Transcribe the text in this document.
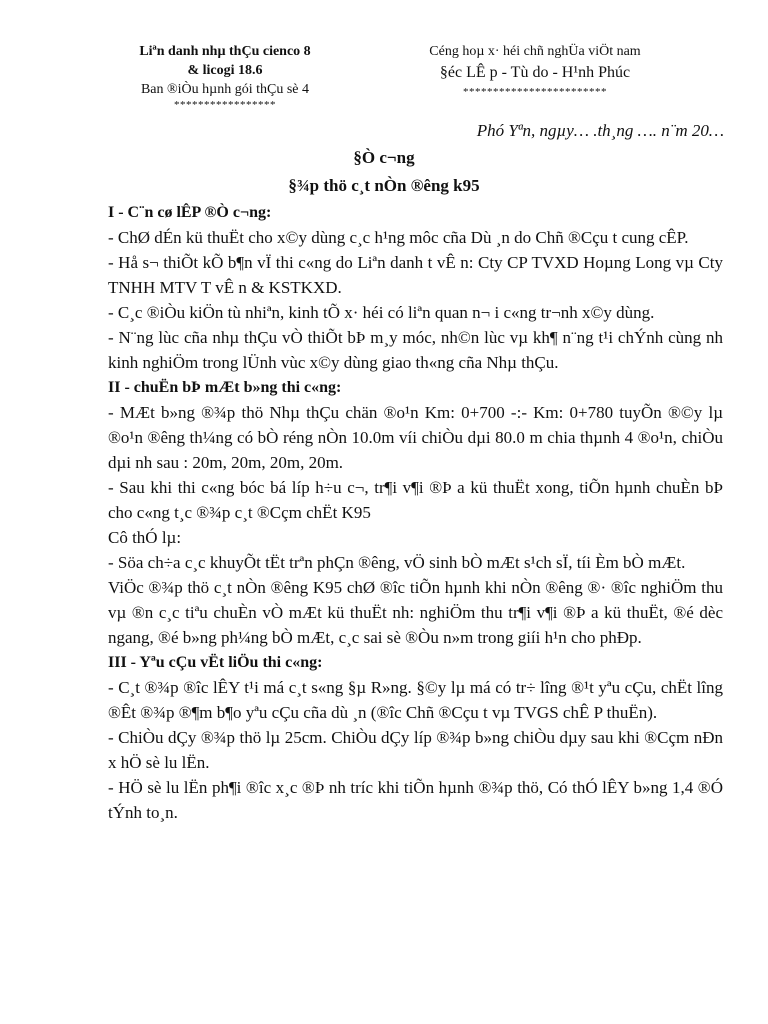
Liªn danh nhµ thÇu cienco 8
& licogi 18.6
Ban ®iÒu hµnh gói thÇu sè 4
*****************
Céng hoµ x· héi chñ nghÜa viÖt nam
§éc LÊ p - Tù do - H¹nh Phúc
************************
Phó Yªn, ngµy… .th¸ng …. n¨m 20…
§Ò c¬ng
§¾p thö c¸t nÒn ®êng k95

I - C¨n cø lÊP ®Ò c¬ng:

- ChØ dÉn kü thuËt cho x©y dùng c¸c h¹ng môc cña Dù ¸n do Chñ ®Cçu t cung cÊP.

- Hå s¬ thiÕt kÕ b¶n vÏ thi c«ng do Liªn danh t vÊ n: Cty CP TVXD Hoµng Long vµ Cty TNHH MTV T vÊ n & KSTKXD.

- C¸c ®iÒu kiÖn tù nhiªn, kinh tÕ x· héi có liªn quan n¬ i c«ng tr¬nh x©y dùng.

- N¨ng lùc cña nhµ thÇu vÒ thiÕt bÞ m¸y móc, nh©n lùc vµ kh¶ n¨ng t¹i chÝnh cùng nh kinh nghiÖm trong lÜnh vùc x©y dùng giao th«ng cña Nhµ thÇu.

II - chuËn bÞ mÆt b»ng thi c«ng:

- MÆt b»ng ®¾p thö Nhµ thÇu chän ®o¹n Km: 0+700 -:- Km: 0+780 tuyÕn ®©y lµ ®o¹n ®êng th¼ng có bÒ réng nÒn 10.0m víi chiÒu dµi 80.0 m chia thµnh 4 ®o¹n, chiÒu dµi nh sau : 20m, 20m, 20m, 20m.

- Sau khi thi c«ng bóc bá líp h÷u c¬, tr¶i v¶i ®Þ a kü thuËt xong, tiÕn hµnh chuÈn bÞ cho c«ng t¸c ®¾p c¸t ®Cçm chËt K95

Cô thÓ lµ:

- Söa ch÷a c¸c khuyÕt tËt trªn phÇn ®êng, vÖ sinh bÒ mÆt s¹ch sÏ, tíi Èm bÒ mÆt.

ViÖc ®¾p thö c¸t nÒn ®êng K95 chØ ®îc tiÕn hµnh khi nÒn ®êng ®· ®îc nghiÖm thu vµ ®n c¸c tiªu chuÈn vÒ mÆt kü thuËt nh: nghiÖm thu tr¶i v¶i ®Þ a kü thuËt, ®é dèc ngang, ®é b»ng ph¼ng bÒ mÆt, c¸c sai sè ®Òu n»m trong giíi h¹n cho phÐp.

III - Yªu cÇu vËt liÖu thi c«ng:

- C¸t ®¾p ®îc lÊY t¹i má c¸t s«ng §µ R»ng. §©y lµ má có tr÷ lîng ®¹t yªu cÇu, chËt lîng ®Êt ®¾p ®¶m b¶o yªu cÇu cña dù ¸n (®îc Chñ ®Cçu t vµ TVGS chÊ P thuËn).

- ChiÒu dÇy ®¾p thö lµ 25cm. ChiÒu dÇy líp ®¾p b»ng chiÒu dµy sau khi ®Cçm nÐn x hÖ sè lu lËn.

- HÖ sè lu lËn ph¶i ®îc x¸c ®Þ nh tríc khi tiÕn hµnh ®¾p thö, Có thÓ lÊY b»ng 1,4 ®Ó tÝnh to¸n.
